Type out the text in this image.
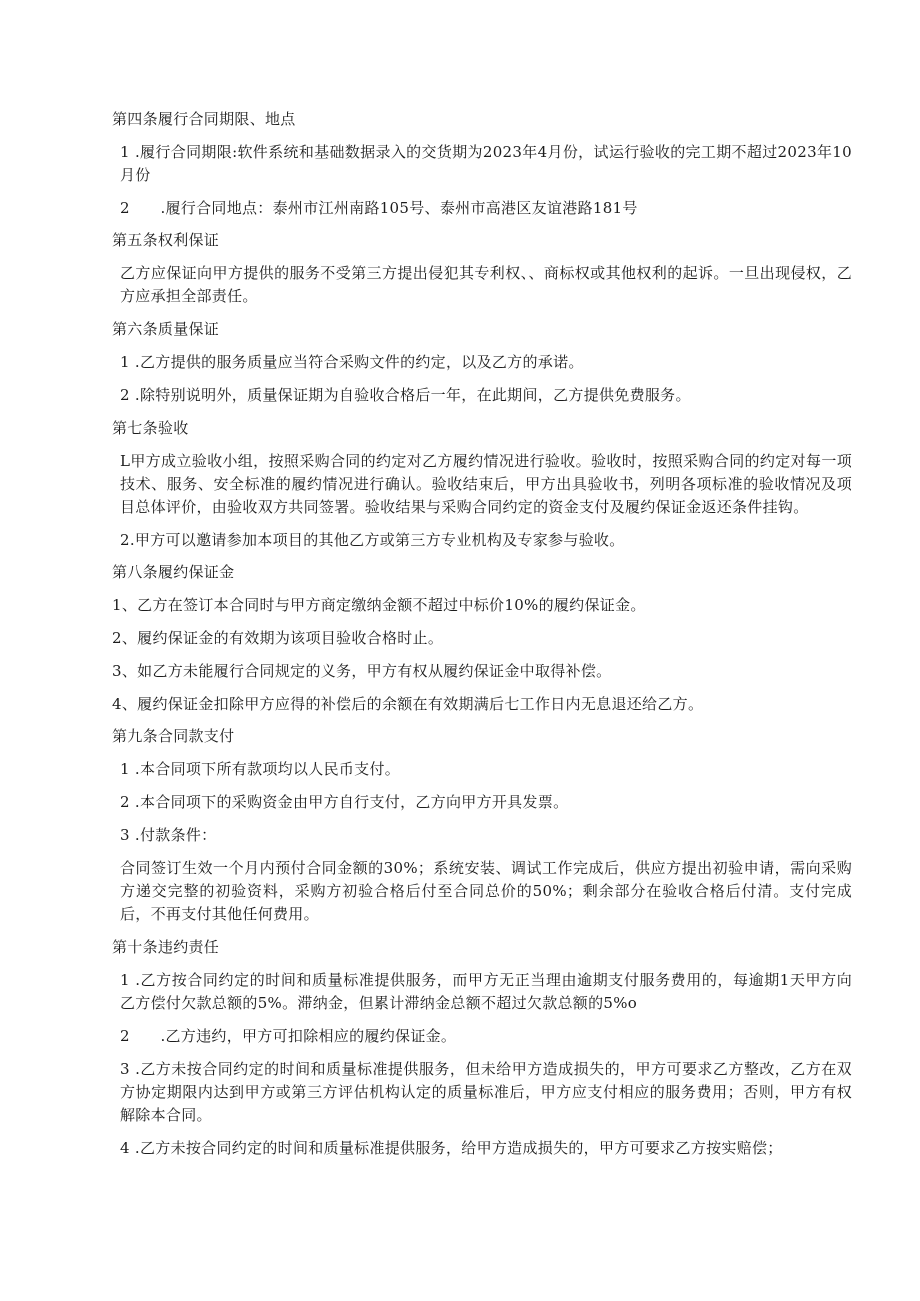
第四条履行合同期限、地点

1 .履行合同期限:软件系统和基础数据录入的交货期为2023年4月份，试运行验收的完工期不超过2023年10月份

2  .履行合同地点：泰州市江州南路105号、泰州市高港区友谊港路181号

第五条权利保证

乙方应保证向甲方提供的服务不受第三方提出侵犯其专利权、、商标权或其他权利的起诉。一旦出现侵权，乙方应承担全部责任。

第六条质量保证

1 .乙方提供的服务质量应当符合采购文件的约定，以及乙方的承诺。

2 .除特别说明外，质量保证期为自验收合格后一年，在此期间，乙方提供免费服务。

第七条验收

L甲方成立验收小组，按照采购合同的约定对乙方履约情况进行验收。验收时，按照采购合同的约定对每一项技术、服务、安全标准的履约情况进行确认。验收结束后，甲方出具验收书，列明各项标准的验收情况及项目总体评价，由验收双方共同签署。验收结果与采购合同约定的资金支付及履约保证金返还条件挂钩。

2.甲方可以邀请参加本项目的其他乙方或第三方专业机构及专家参与验收。

第八条履约保证金

1、乙方在签订本合同时与甲方商定缴纳金额不超过中标价10%的履约保证金。

2、履约保证金的有效期为该项目验收合格时止。

3、如乙方未能履行合同规定的义务，甲方有权从履约保证金中取得补偿。

4、履约保证金扣除甲方应得的补偿后的余额在有效期满后七工作日内无息退还给乙方。

第九条合同款支付

1 .本合同项下所有款项均以人民币支付。

2 .本合同项下的采购资金由甲方自行支付，乙方向甲方开具发票。

3 .付款条件：

合同签订生效一个月内预付合同金额的30%；系统安装、调试工作完成后，供应方提出初验申请，需向采购方递交完整的初验资料，采购方初验合格后付至合同总价的50%；剩余部分在验收合格后付清。支付完成后，不再支付其他任何费用。

第十条违约责任

1 .乙方按合同约定的时间和质量标准提供服务，而甲方无正当理由逾期支付服务费用的，每逾期1天甲方向乙方偿付欠款总额的5%。滞纳金，但累计滞纳金总额不超过欠款总额的5%o

2  .乙方违约，甲方可扣除相应的履约保证金。

3 .乙方未按合同约定的时间和质量标准提供服务，但未给甲方造成损失的，甲方可要求乙方整改，乙方在双方协定期限内达到甲方或第三方评估机构认定的质量标准后，甲方应支付相应的服务费用；否则，甲方有权解除本合同。

4 .乙方未按合同约定的时间和质量标准提供服务，给甲方造成损失的，甲方可要求乙方按实赔偿；
